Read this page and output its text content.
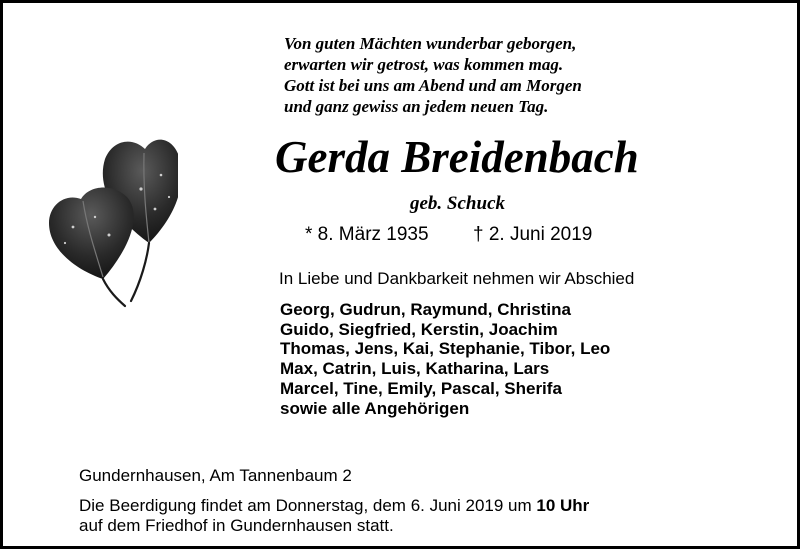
Von guten Mächten wunderbar geborgen,
erwarten wir getrost, was kommen mag.
Gott ist bei uns am Abend und am Morgen
und ganz gewiss an jedem neuen Tag.
Gerda Breidenbach
geb. Schuck
* 8. März 1935 † 2. Juni 2019
In Liebe und Dankbarkeit nehmen wir Abschied
Georg, Gudrun, Raymund, Christina
Guido, Siegfried, Kerstin, Joachim
Thomas, Jens, Kai, Stephanie, Tibor, Leo
Max, Catrin, Luis, Katharina, Lars
Marcel, Tine, Emily, Pascal, Sherifa
sowie alle Angehörigen
Gundernhausen, Am Tannenbaum 2
Die Beerdigung findet am Donnerstag, dem 6. Juni 2019 um 10 Uhr
auf dem Friedhof in Gundernhausen statt.
